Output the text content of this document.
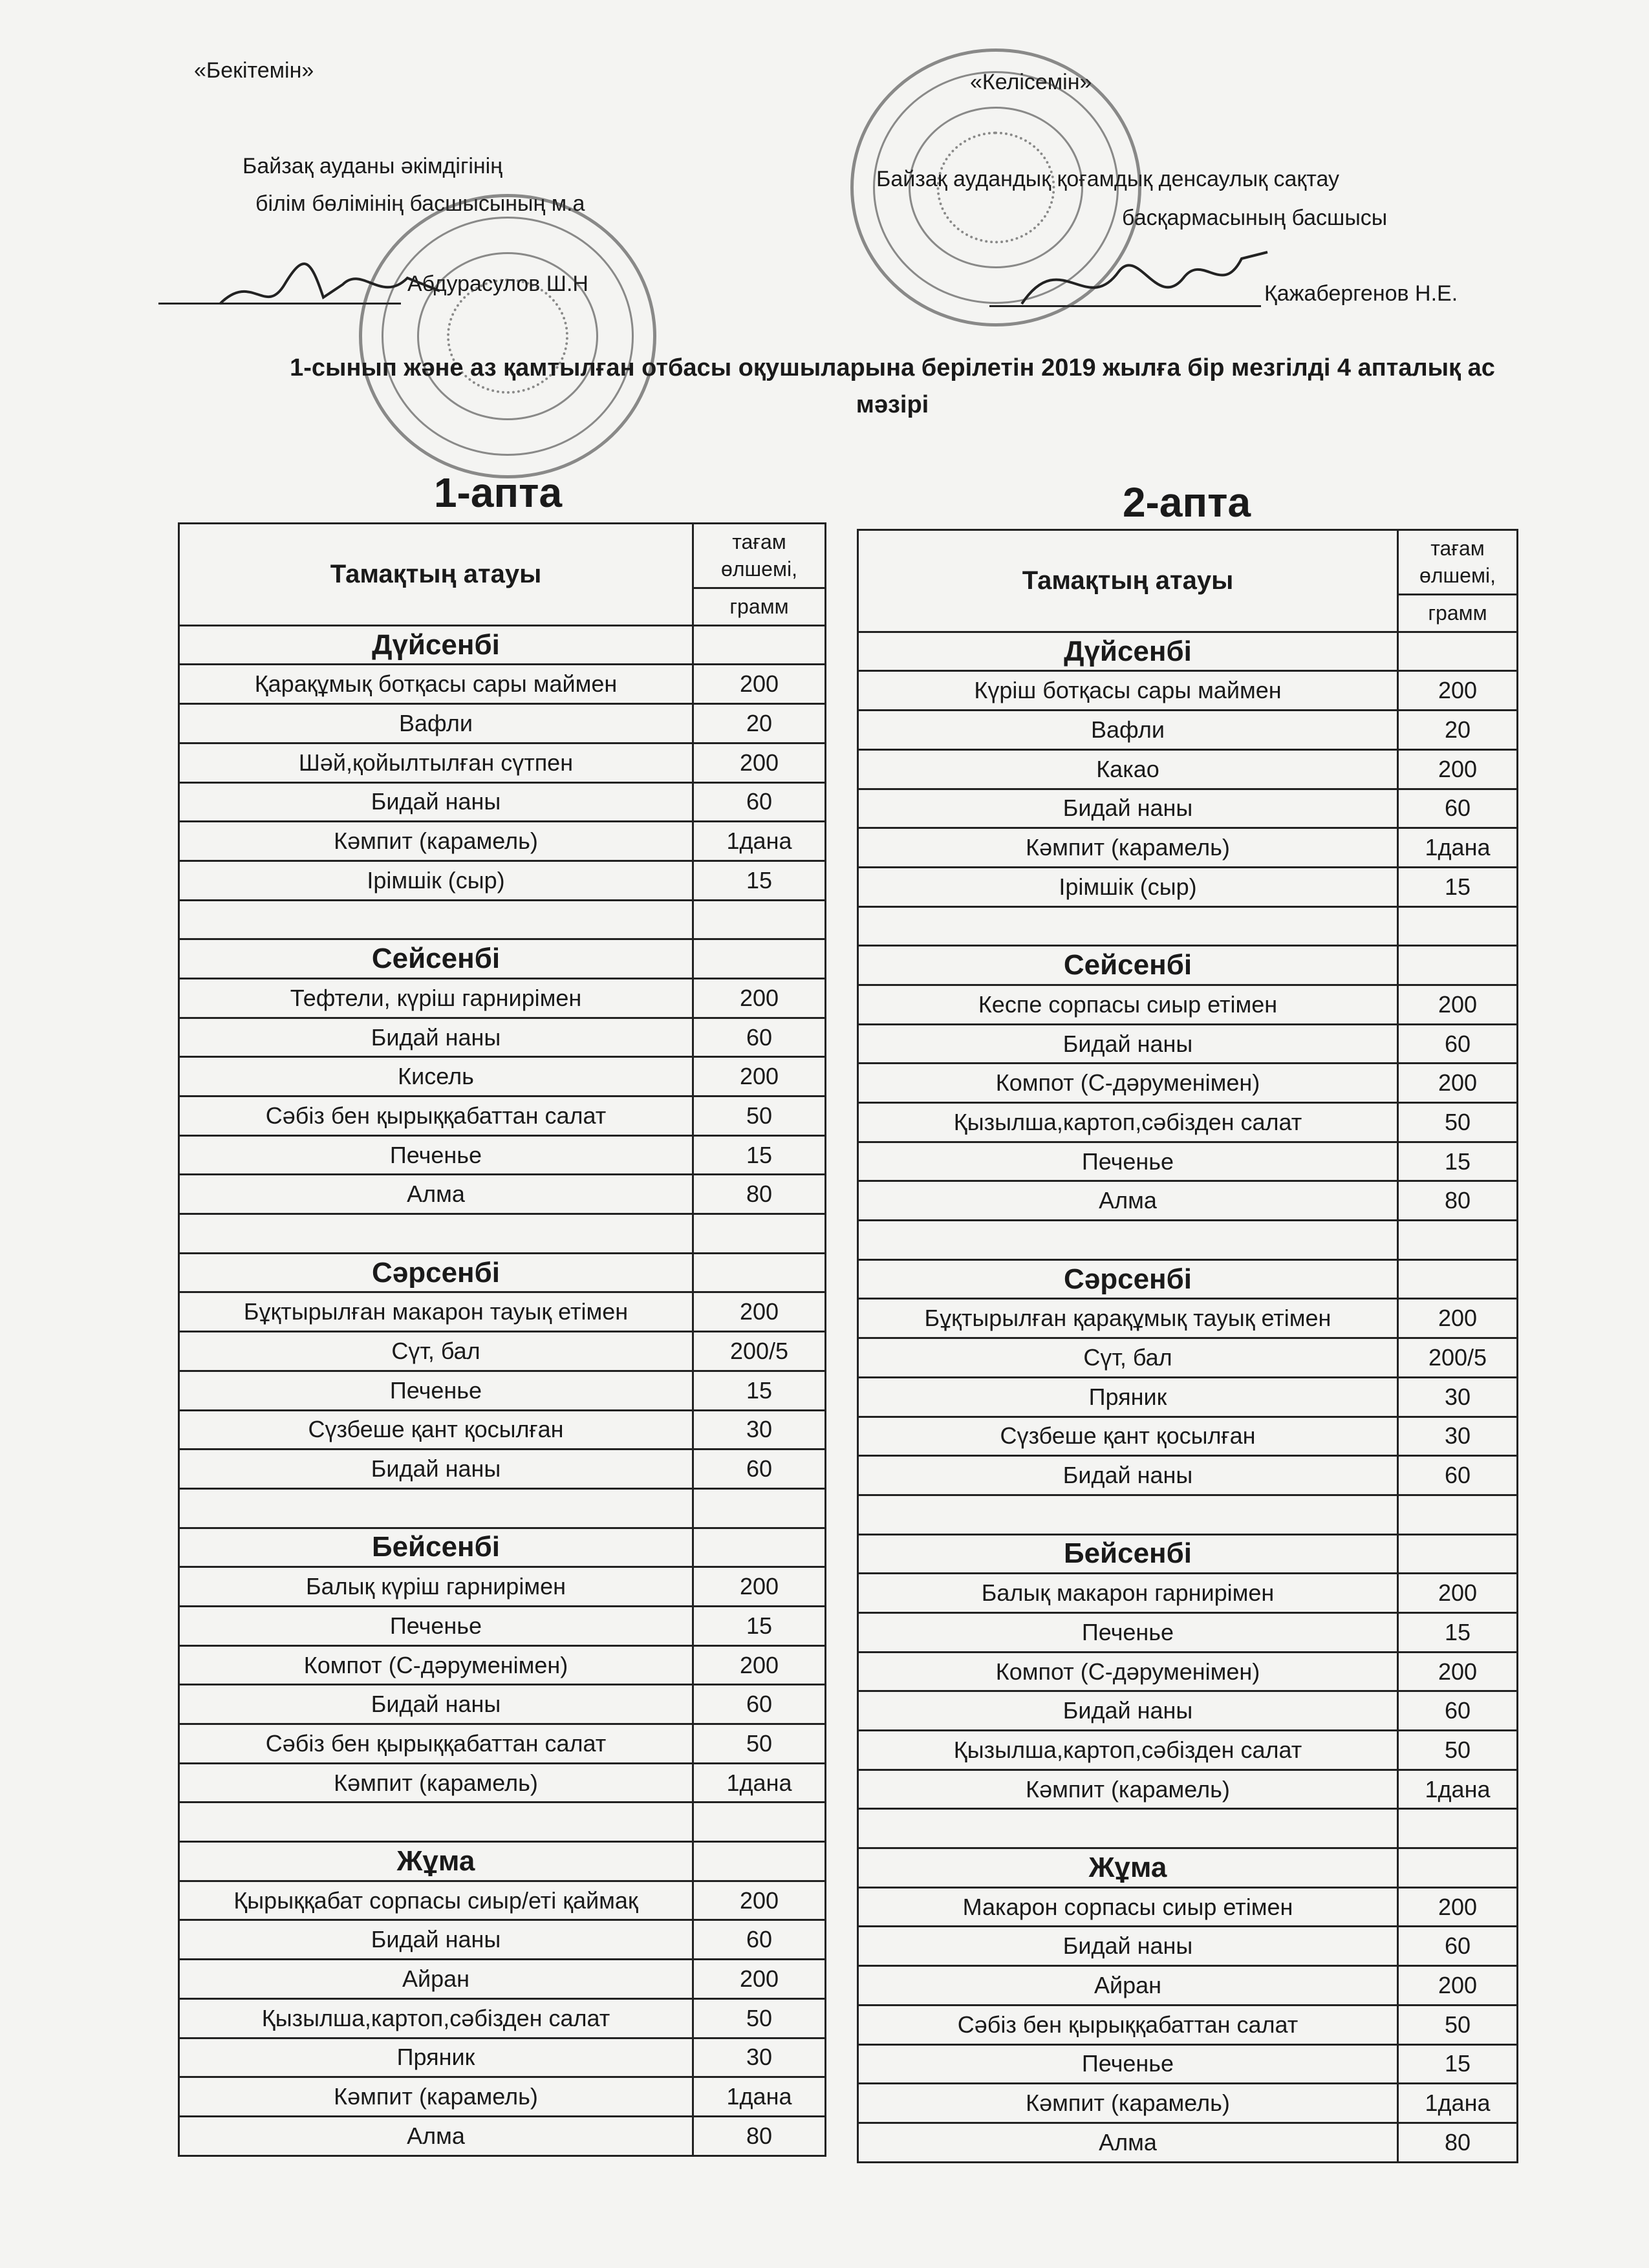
«Бекітемін»
Байзақ ауданы әкімдігінің
білім бөлімінің басшысының м.а
Абдурасулов Ш.Н
«Келісемін»
Байзақ аудандық қоғамдық денсаулық сақтау
басқармасының басшысы
Қажабергенов Н.Е.
1-сынып және аз қамтылған отбасы оқушыларына берілетін 2019 жылға бір мезгілді 4 апталық ас
мәзірі
1-апта	2-апта
Тамақтың атауы	тағам өлшемі,
	грамм
Дүйсенбі	
Қарақұмық ботқасы сары маймен	200
Вафли	20
Шәй,қойылтылған сүтпен	200
Бидай наны	60
Кәмпит (карамель)	1дана
Ірімшік (сыр)	15

Сейсенбі	
Тефтели, күріш гарнирімен	200
Бидай наны	60
Кисель	200
Сәбіз бен қырыққабаттан салат	50
Печенье	15
Алма	80

Сәрсенбі	
Бұқтырылған макарон тауық етімен	200
Сүт, бал	200/5
Печенье	15
Сүзбеше қант қосылған	30
Бидай наны	60

Бейсенбі	
Балық күріш гарнирімен	200
Печенье	15
Компот (С-дәруменімен)	200
Бидай наны	60
Сәбіз бен қырыққабаттан салат	50
Кәмпит (карамель)	1дана

Жұма	
Қырыққабат сорпасы сиыр/еті қаймақ	200
Бидай наны	60
Айран	200
Қызылша,картоп,сәбізден салат	50
Пряник	30
Кәмпит (карамель)	1дана
Алма	80
Тамақтың атауы	тағам өлшемі,
	грамм
Дүйсенбі	
Күріш ботқасы сары маймен	200
Вафли	20
Какао	200
Бидай наны	60
Кәмпит (карамель)	1дана
Ірімшік (сыр)	15

Сейсенбі	
Кеспе сорпасы сиыр етімен	200
Бидай наны	60
Компот (С-дәруменімен)	200
Қызылша,картоп,сәбізден салат	50
Печенье	15
Алма	80

Сәрсенбі	
Бұқтырылған қарақұмық тауық етімен	200
Сүт, бал	200/5
Пряник	30
Сүзбеше қант қосылған	30
Бидай наны	60

Бейсенбі	
Балық макарон гарнирімен	200
Печенье	15
Компот (С-дәруменімен)	200
Бидай наны	60
Қызылша,картоп,сәбізден салат	50
Кәмпит (карамель)	1дана

Жұма	
Макарон сорпасы сиыр етімен	200
Бидай наны	60
Айран	200
Сәбіз бен қырыққабаттан салат	50
Печенье	15
Кәмпит (карамель)	1дана
Алма	80
